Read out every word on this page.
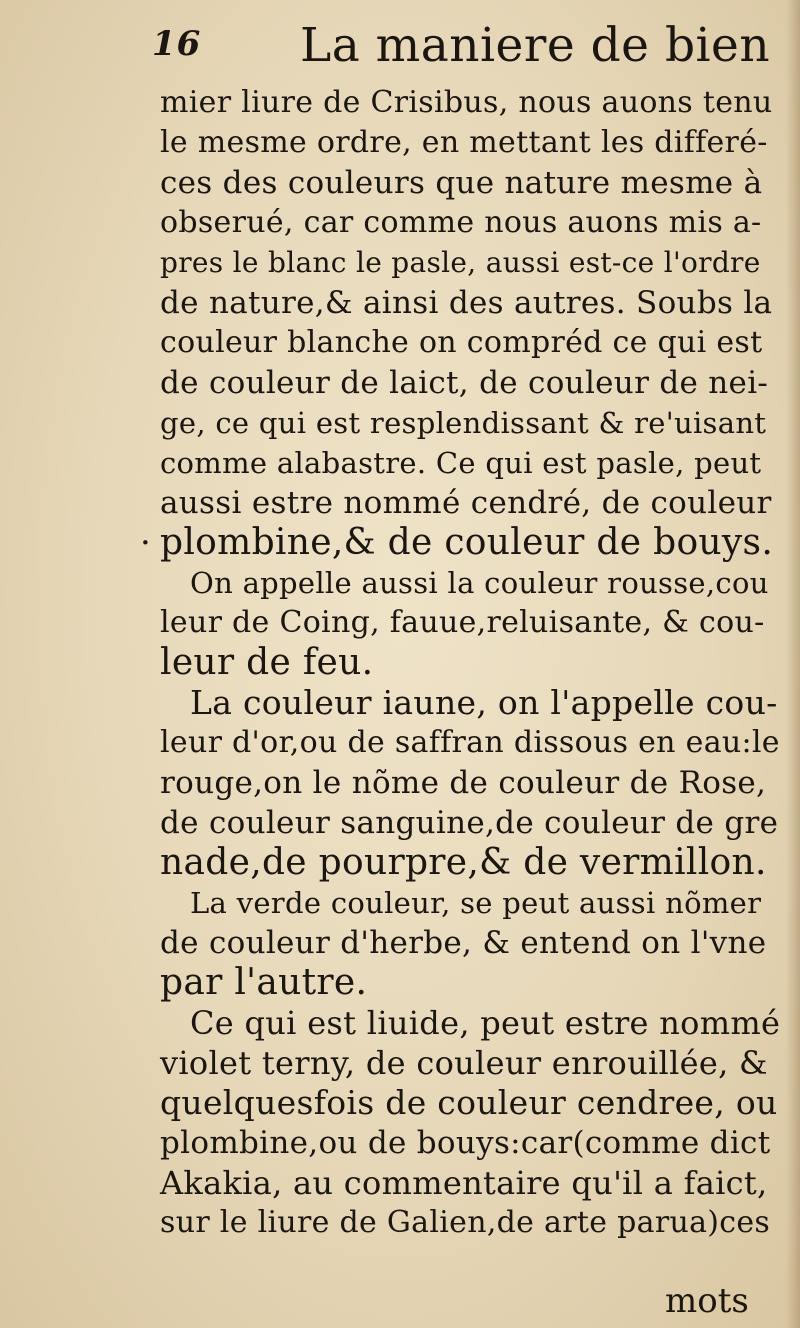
16 La maniere de bien
mier liure de Crisibus, nous auons tenu
le mesme ordre, en mettant les differé-
ces des couleurs que nature mesme à
obserué, car comme nous auons mis a-
pres le blanc le pasle, aussi est-ce l'ordre
de nature,& ainsi des autres. Soubs la
couleur blanche on compréd ce qui est
de couleur de laict, de couleur de nei-
ge, ce qui est resplendissant & re'uisant
comme alabastre. Ce qui est pasle, peut
aussi estre nommé cendré, de couleur
plombine,& de couleur de bouys.
On appelle aussi la couleur rousse,cou
leur de Coing, fauue,reluisante, & cou-
leur de feu.
La couleur iaune, on l'appelle cou-
leur d'or,ou de saffran dissous en eau:le
rouge,on le nõme de couleur de Rose,
de couleur sanguine,de couleur de gre
nade,de pourpre,& de vermillon.
La verde couleur, se peut aussi nõmer
de couleur d'herbe, & entend on l'vne
par l'autre.
Ce qui est liuide, peut estre nommé
violet terny, de couleur enrouillée, &
quelquesfois de couleur cendree, ou
plombine,ou de bouys:car(comme dict
Akakia, au commentaire qu'il a faict,
sur le liure de Galien,de arte parua)ces
·
mots
